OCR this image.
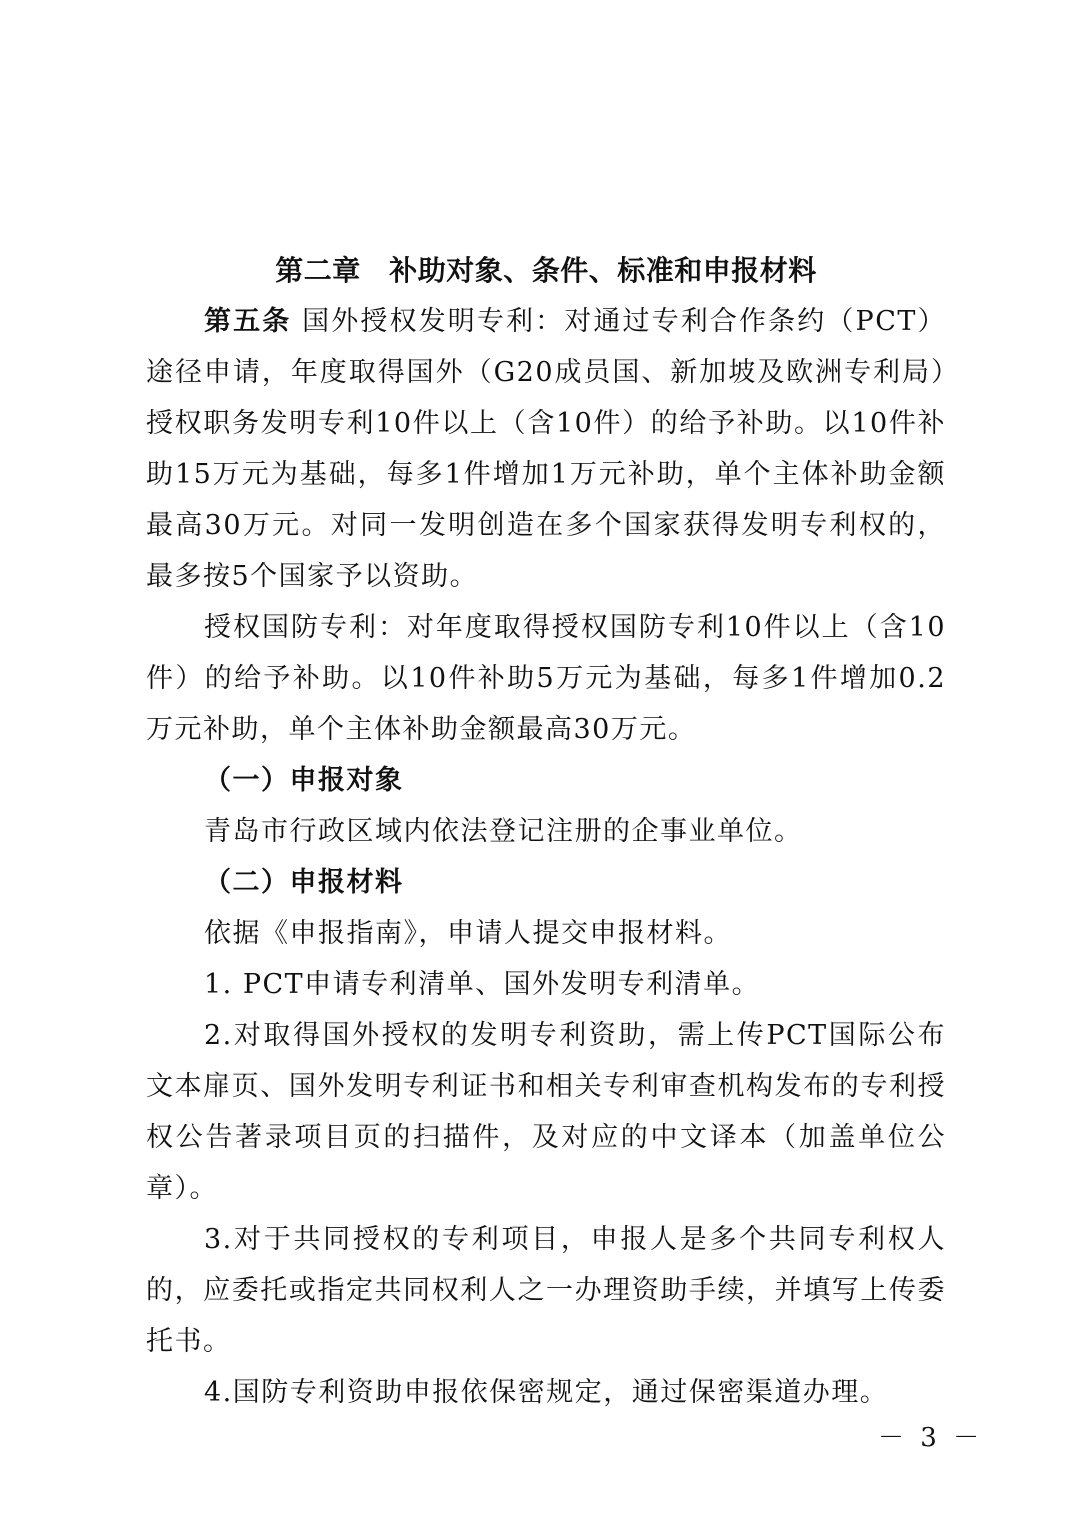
第二章　补助对象、条件、标准和申报材料

第五条 国外授权发明专利：对通过专利合作条约（PCT）途径申请，年度取得国外（G20成员国、新加坡及欧洲专利局）授权职务发明专利10件以上（含10件）的给予补助。以10件补助15万元为基础，每多1件增加1万元补助，单个主体补助金额最高30万元。对同一发明创造在多个国家获得发明专利权的，最多按5个国家予以资助。

授权国防专利：对年度取得授权国防专利10件以上（含10件）的给予补助。以10件补助5万元为基础，每多1件增加0.2万元补助，单个主体补助金额最高30万元。

（一）申报对象

青岛市行政区域内依法登记注册的企事业单位。

（二）申报材料

依据《申报指南》，申请人提交申报材料。

1. PCT申请专利清单、国外发明专利清单。

2.对取得国外授权的发明专利资助，需上传PCT国际公布文本扉页、国外发明专利证书和相关专利审查机构发布的专利授权公告著录项目页的扫描件，及对应的中文译本（加盖单位公章）。

3.对于共同授权的专利项目，申报人是多个共同专利权人的，应委托或指定共同权利人之一办理资助手续，并填写上传委托书。

4.国防专利资助申报依保密规定，通过保密渠道办理。

－ 3 －
